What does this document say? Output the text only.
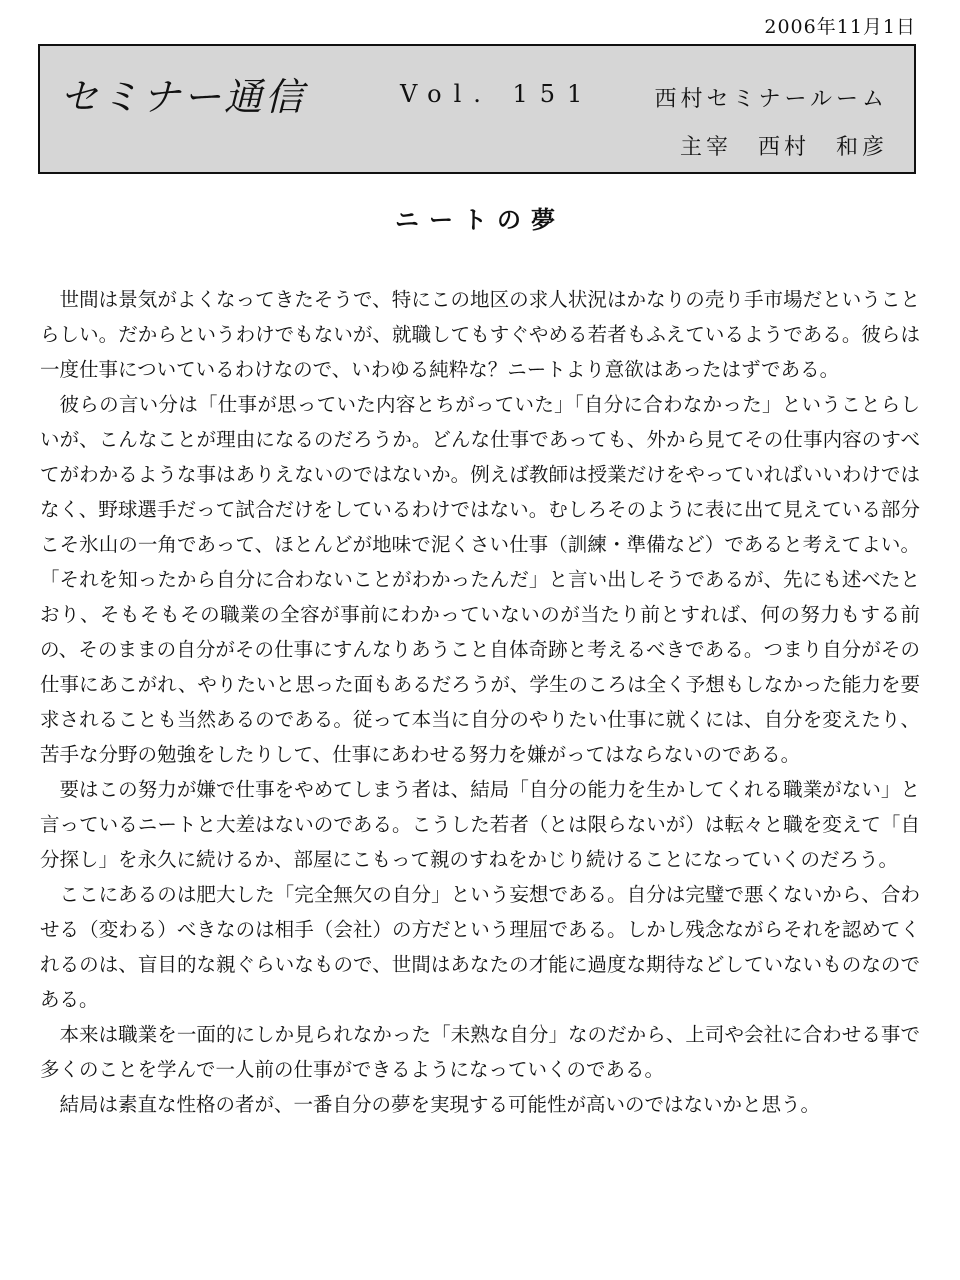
2006年11月1日
セミナー通信	Vol. 151	西村セミナールーム
主宰　西村　和彦
ニートの夢

世間は景気がよくなってきたそうで、特にこの地区の求人状況はかなりの売り手市場だということらしい。だからというわけでもないが、就職してもすぐやめる若者もふえているようである。彼らは一度仕事についているわけなので、いわゆる純粋な？ニートより意欲はあったはずである。

彼らの言い分は「仕事が思っていた内容とちがっていた」「自分に合わなかった」ということらしいが、こんなことが理由になるのだろうか。どんな仕事であっても、外から見てその仕事内容のすべてがわかるような事はありえないのではないか。例えば教師は授業だけをやっていればいいわけではなく、野球選手だって試合だけをしているわけではない。むしろそのように表に出て見えている部分こそ氷山の一角であって、ほとんどが地味で泥くさい仕事（訓練・準備など）であると考えてよい。「それを知ったから自分に合わないことがわかったんだ」と言い出しそうであるが、先にも述べたとおり、そもそもその職業の全容が事前にわかっていないのが当たり前とすれば、何の努力もする前の、そのままの自分がその仕事にすんなりあうこと自体奇跡と考えるべきである。つまり自分がその仕事にあこがれ、やりたいと思った面もあるだろうが、学生のころは全く予想もしなかった能力を要求されることも当然あるのである。従って本当に自分のやりたい仕事に就くには、自分を変えたり、苦手な分野の勉強をしたりして、仕事にあわせる努力を嫌がってはならないのである。

要はこの努力が嫌で仕事をやめてしまう者は、結局「自分の能力を生かしてくれる職業がない」と言っているニートと大差はないのである。こうした若者（とは限らないが）は転々と職を変えて「自分探し」を永久に続けるか、部屋にこもって親のすねをかじり続けることになっていくのだろう。

ここにあるのは肥大した「完全無欠の自分」という妄想である。自分は完璧で悪くないから、合わせる（変わる）べきなのは相手（会社）の方だという理屈である。しかし残念ながらそれを認めてくれるのは、盲目的な親ぐらいなもので、世間はあなたの才能に過度な期待などしていないものなのである。

本来は職業を一面的にしか見られなかった「未熟な自分」なのだから、上司や会社に合わせる事で多くのことを学んで一人前の仕事ができるようになっていくのである。

結局は素直な性格の者が、一番自分の夢を実現する可能性が高いのではないかと思う。
